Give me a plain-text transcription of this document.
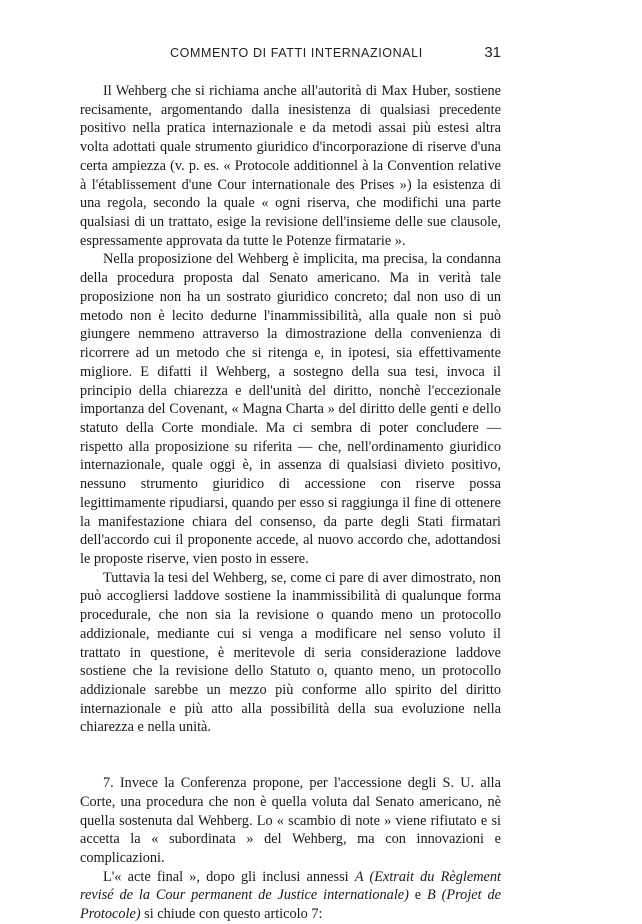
COMMENTO DI FATTI INTERNAZIONALI	31

Il Wehberg che si richiama anche all'autorità di Max Huber, sostiene recisamente, argomentando dalla inesistenza di qualsiasi precedente positivo nella pratica internazionale e da metodi assai più estesi altra volta adottati quale strumento giuridico d'incorporazione di riserve d'una certa ampiezza (v. p. es. « Protocole additionnel à la Convention relative à l'établissement d'une Cour internationale des Prises ») la esistenza di una regola, secondo la quale « ogni riserva, che modifichi una parte qualsiasi di un trattato, esige la revisione dell'insieme delle sue clausole, espressamente approvata da tutte le Potenze firmatarie ».

Nella proposizione del Wehberg è implicita, ma precisa, la condanna della procedura proposta dal Senato americano. Ma in verità tale proposizione non ha un sostrato giuridico concreto; dal non uso di un metodo non è lecito dedurne l'inammissibilità, alla quale non si può giungere nemmeno attraverso la dimostrazione della convenienza di ricorrere ad un metodo che si ritenga e, in ipotesi, sia effettivamente migliore. E difatti il Wehberg, a sostegno della sua tesi, invoca il principio della chiarezza e dell'unità del diritto, nonchè l'eccezionale importanza del Covenant, « Magna Charta » del diritto delle genti e dello statuto della Corte mondiale. Ma ci sembra di poter concludere — rispetto alla proposizione su riferita — che, nell'ordinamento giuridico internazionale, quale oggi è, in assenza di qualsiasi divieto positivo, nessuno strumento giuridico di accessione con riserve possa legittimamente ripudiarsi, quando per esso si raggiunga il fine di ottenere la manifestazione chiara del consenso, da parte degli Stati firmatari dell'accordo cui il proponente accede, al nuovo accordo che, adottandosi le proposte riserve, vien posto in essere.

Tuttavia la tesi del Wehberg, se, come ci pare di aver dimostrato, non può accogliersi laddove sostiene la inammissibilità di qualunque forma procedurale, che non sia la revisione o quando meno un protocollo addizionale, mediante cui si venga a modificare nel senso voluto il trattato in questione, è meritevole di seria considerazione laddove sostiene che la revisione dello Statuto o, quanto meno, un protocollo addizionale sarebbe un mezzo più conforme allo spirito del diritto internazionale e più atto alla possibilità della sua evoluzione nella chiarezza e nella unità.

7. Invece la Conferenza propone, per l'accessione degli S. U. alla Corte, una procedura che non è quella voluta dal Senato americano, nè quella sostenuta dal Wehberg. Lo « scambio di note » viene rifiutato e si accetta la « subordinata » del Wehberg, ma con innovazioni e complicazioni.

L'« acte final », dopo gli inclusi annessi A (Extrait du Règlement revisé de la Cour permanent de Justice internationale) e B (Projet de Protocole) si chiude con questo articolo 7:
